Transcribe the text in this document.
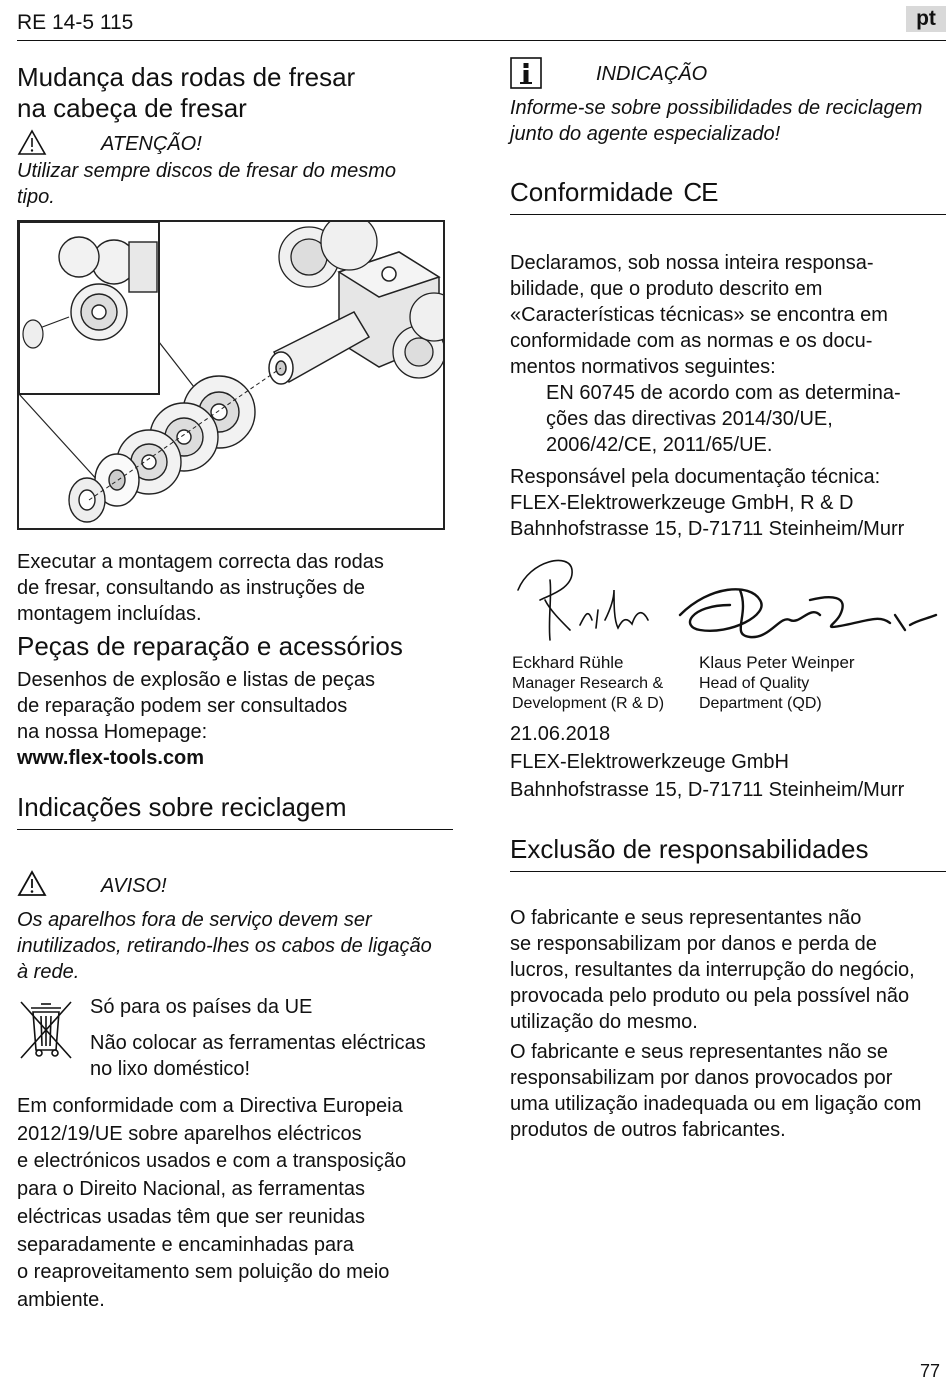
RE 14-5 115	pt
Mudança das rodas de fresar
na cabeça de fresar
ATENÇÃO!
Utilizar sempre discos de fresar do mesmo
tipo.
Executar a montagem correcta das rodas
de fresar, consultando as instruções de
montagem incluídas.
Peças de reparação e acessórios
Desenhos de explosão e listas de peças
de reparação podem ser consultados
na nossa Homepage:
www.flex-tools.com
Indicações sobre reciclagem
AVISO!
Os aparelhos fora de serviço devem ser
inutilizados, retirando-lhes os cabos de ligação
à rede.
Só para os países da UE
Não colocar as ferramentas eléctricas
no lixo doméstico!
Em conformidade com a Directiva Europeia
2012/19/UE sobre aparelhos eléctricos
e electrónicos usados e com a transposição
para o Direito Nacional, as ferramentas
eléctricas usadas têm que ser reunidas
separadamente e encaminhadas para
o reaproveitamento sem poluição do meio
ambiente.
INDICAÇÃO
Informe-se sobre possibilidades de reciclagem
junto do agente especializado!
Conformidade CE
Declaramos, sob nossa inteira responsa-
bilidade, que o produto descrito em
«Características técnicas» se encontra em
conformidade com as normas e os docu-
mentos normativos seguintes:
EN 60745 de acordo com as determina-
ções das directivas 2014/30/UE,
2006/42/CE, 2011/65/UE.
Responsável pela documentação técnica:
FLEX-Elektrowerkzeuge GmbH, R & D
Bahnhofstrasse 15, D-71711 Steinheim/Murr
Eckhard Rühle
Manager Research &
Development (R & D)
Klaus Peter Weinper
Head of Quality
Department (QD)
21.06.2018
FLEX-Elektrowerkzeuge GmbH
Bahnhofstrasse 15, D-71711 Steinheim/Murr
Exclusão de responsabilidades
O fabricante e seus representantes não
se responsabilizam por danos e perda de
lucros, resultantes da interrupção do negócio,
provocada pelo produto ou pela possível não
utilização do mesmo.
O fabricante e seus representantes não se
responsabilizam por danos provocados por
uma utilização inadequada ou em ligação com
produtos de outros fabricantes.
77
